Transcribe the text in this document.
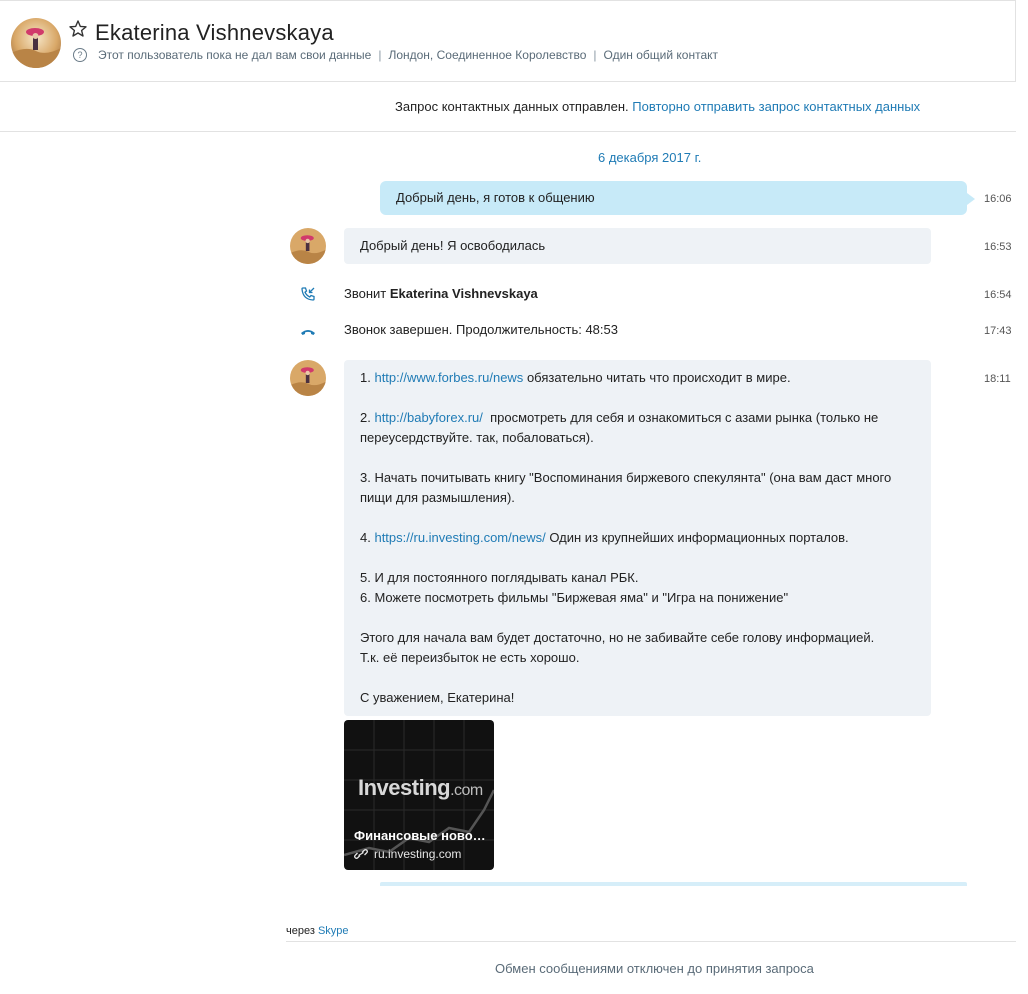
Ekaterina Vishnevskaya
?	Этот пользователь пока не дал вам свои данные | Лондон, Соединенное Королевство | Один общий контакт
Запрос контактных данных отправлен. Повторно отправить запрос контактных данных
6 декабря 2017 г.
Добрый день, я готов к общению	16:06
Добрый день! Я освободилась	16:53
Звонит Ekaterina Vishnevskaya	16:54
Звонок завершен. Продолжительность: 48:53	17:43
1. http://www.forbes.ru/news обязательно читать что происходит в мире.
2. http://babyforex.ru/ просмотреть для себя и ознакомиться с азами рынка (только не
переусердствуйте. так, побаловаться).
3. Начать почитывать книгу "Воспоминания биржевого спекулянта" (она вам даст много
пищи для размышления).
4. https://ru.investing.com/news/ Один из крупнейших информационных порталов.
5. И для постоянного поглядывать канал РБК.
6. Можете посмотреть фильмы "Биржевая яма" и "Игра на понижение"
Этого для начала вам будет достаточно, но не забивайте себе голову информацией.
Т.к. её переизбыток не есть хорошо.
С уважением, Екатерина!
18:11
Investing.com
Финансовые ново…
ru.investing.com
через Skype
Обмен сообщениями отключен до принятия запроса
